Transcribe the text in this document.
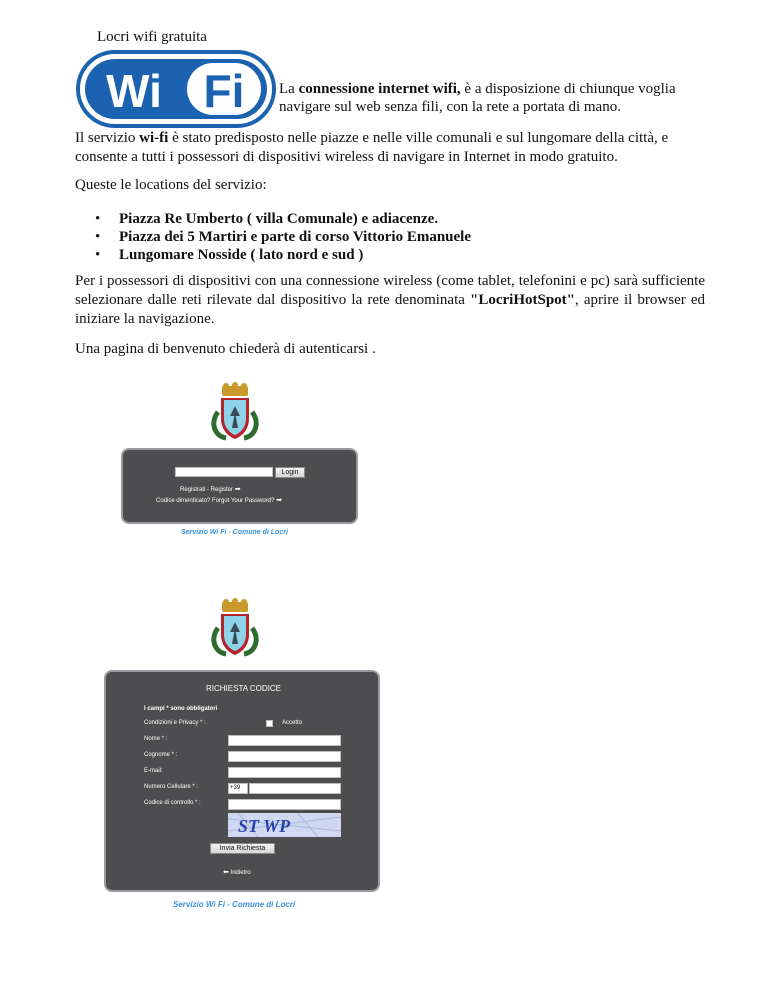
Locri wifi gratuita
Wi Fi La connessione internet wifi, è a disposizione di chiunque voglia navigare sul web senza fili, con la rete a portata di mano.
Il servizio wi-fi è stato predisposto nelle piazze e nelle ville comunali e sul lungomare della città, e consente a tutti i possessori di dispositivi wireless di navigare in Internet in modo gratuito.
Queste le locations del servizio:
• Piazza Re Umberto ( villa Comunale) e adiacenze.
• Piazza dei 5 Martiri e parte di corso Vittorio Emanuele
• Lungomare Nosside ( lato nord e sud )
Per i possessori di dispositivi con una connessione wireless (come tablet, telefonini e pc) sarà sufficiente selezionare dalle reti rilevate dal dispositivo la rete denominata "LocriHotSpot", aprire il browser ed iniziare la navigazione.
Una pagina di benvenuto chiederà di autenticarsi .
Login
Registrati - Register ➡
Codice dimenticato? Forgot Your Password? ➡
Servizio Wi Fi - Comune di Locri
RICHIESTA CODICE
I campi * sono obbligatori
Condizioni e Privacy * :	Accetto
Nome * :
Cognome * :
E-mail:
Numero Cellulare * :	+39
Codice di controllo * :
ST WP
Invia Richiesta
⬅ Indietro
Servizio Wi Fi - Comune di Locri
